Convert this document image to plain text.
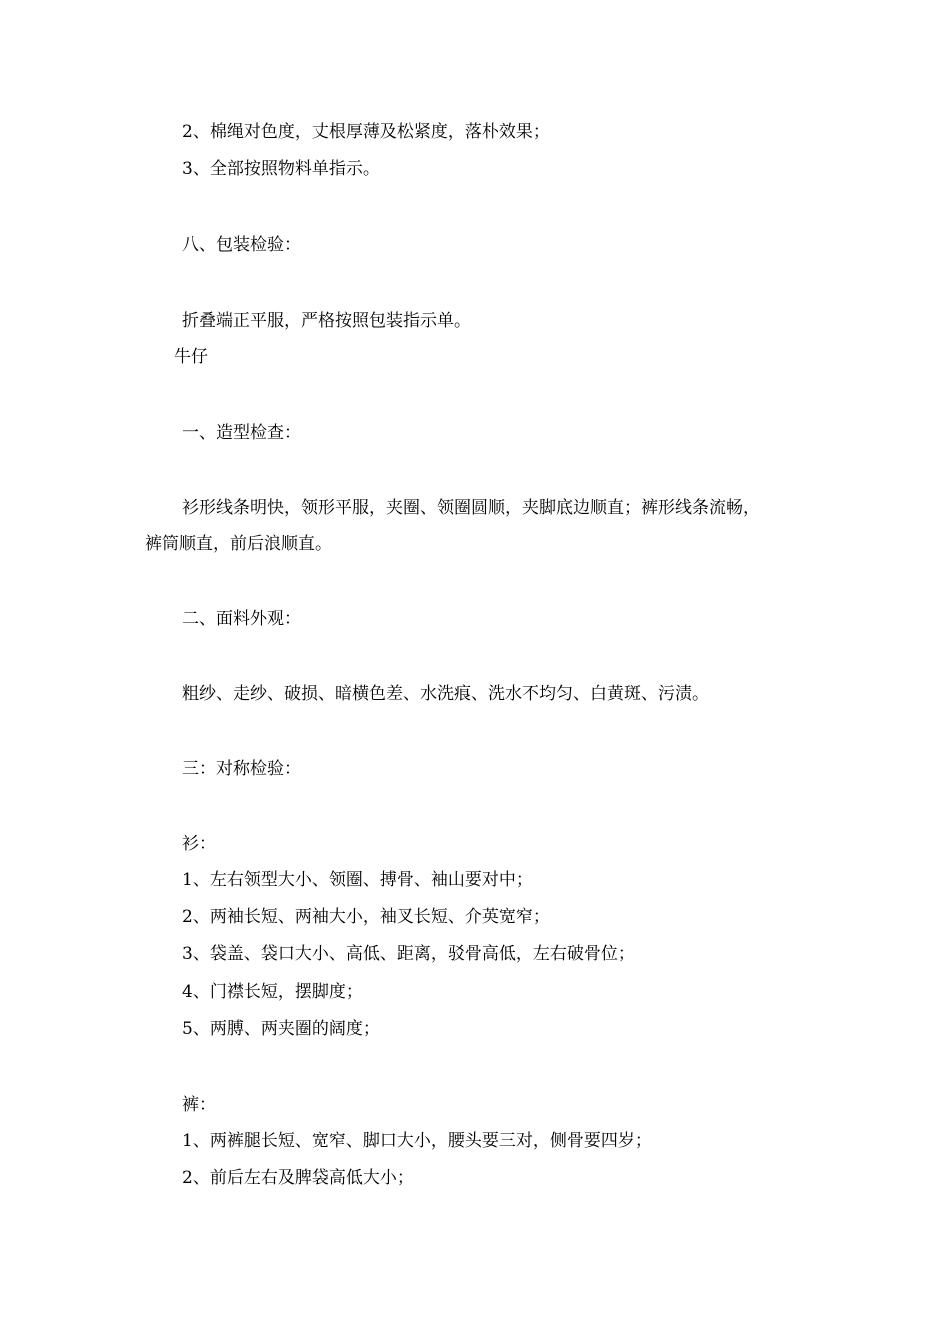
2、棉绳对色度，丈根厚薄及松紧度，落朴效果；
3、全部按照物料单指示。
八、包装检验：
折叠端正平服，严格按照包装指示单。
牛仔
一、造型检查：
衫形线条明快，领形平服，夹圈、领圈圆顺，夹脚底边顺直；裤形线条流畅，
裤筒顺直，前后浪顺直。
二、面料外观：
粗纱、走纱、破损、暗横色差、水洗痕、洗水不均匀、白黄斑、污渍。
三：对称检验：
衫：
1、左右领型大小、领圈、搏骨、袖山要对中；
2、两袖长短、两袖大小，袖叉长短、介英宽窄；
3、袋盖、袋口大小、高低、距离，驳骨高低，左右破骨位；
4、门襟长短，摆脚度；
5、两膊、两夹圈的阔度；
裤：
1、两裤腿长短、宽窄、脚口大小，腰头要三对，侧骨要四岁；
2、前后左右及脾袋高低大小；
